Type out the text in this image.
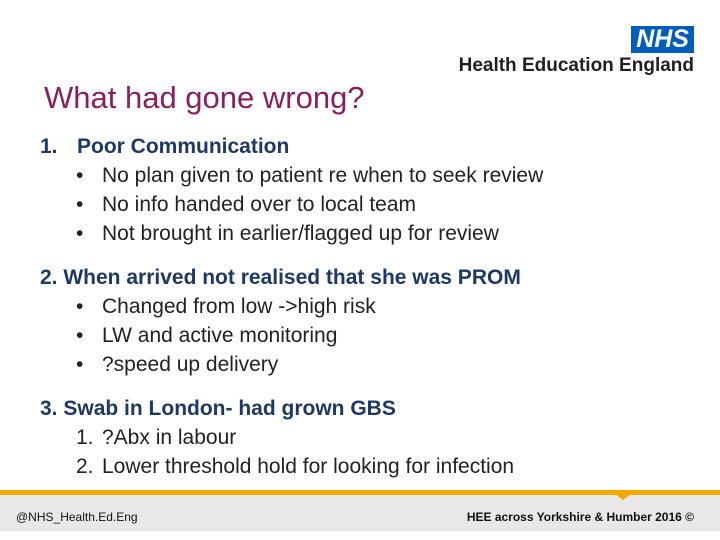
NHS
Health Education England
What had gone wrong?
1. Poor Communication
• No plan given to patient re when to seek review
• No info handed over to local team
• Not brought in earlier/flagged up for review
2. When arrived not realised that she was PROM
• Changed from low ->high risk
• LW and active monitoring
• ?speed up delivery
3. Swab in London- had grown GBS
1. ?Abx in labour
2. Lower threshold hold for looking for infection
@NHS_Health.Ed.Eng	HEE across Yorkshire & Humber 2016 ©
